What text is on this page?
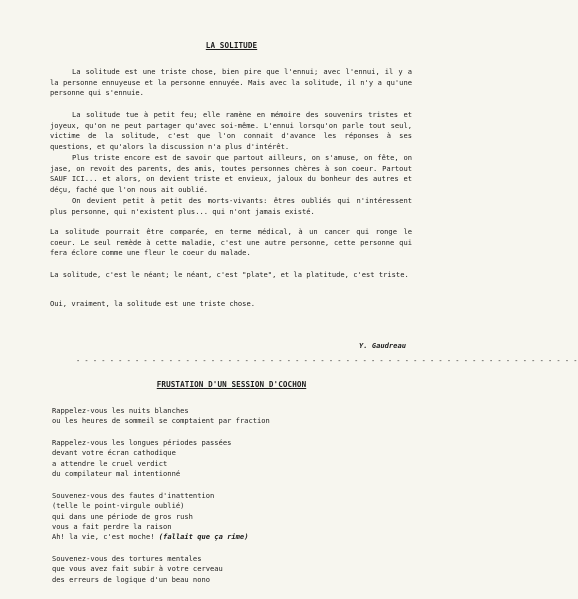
LA SOLITUDE

La solitude est une triste chose, bien pire que l'ennui; avec l'ennui, il y a la personne ennuyeuse et la personne ennuyée. Mais avec la solitude, il n'y a qu'une personne qui s'ennuie.

La solitude tue à petit feu; elle ramène en mémoire des souvenirs tristes et joyeux, qu'on ne peut partager qu'avec soi-même. L'ennui lorsqu'on parle tout seul, victime de la solitude, c'est que l'on connait d'avance les réponses à ses questions, et qu'alors la discussion n'a plus d'intérêt.

Plus triste encore est de savoir que partout ailleurs, on s'amuse, on fête, on jase, on revoit des parents, des amis, toutes personnes chères à son coeur. Partout SAUF ICI... et alors, on devient triste et envieux, jaloux du bonheur des autres et déçu, faché que l'on nous ait oublié.

On devient petit à petit des morts-vivants: êtres oubliés qui n'intéressent plus personne, qui n'existent plus... qui n'ont jamais existé.

La solitude pourrait être comparée, en terme médical, à un cancer qui ronge le coeur. Le seul remède à cette maladie, c'est une autre personne, cette personne qui fera éclore comme une fleur le coeur du malade.

La solitude, c'est le néant; le néant, c'est "plate", et la platitude, c'est triste.

Oui, vraiment, la solitude est une triste chose.

Y. Gaudreau

- - - - - - - - - - - - - - - - - - - - - - - - - - - - - - - - - - - - - - - - - - - - - - - - - - - - - - - - - - - -

FRUSTATION D'UN SESSION D'COCHON
Rappelez-vous les nuits blanches
ou les heures de sommeil se comptaient par fraction
Rappelez-vous les longues périodes passées
devant votre écran cathodique
a attendre le cruel verdict
du compilateur mal intentionné
Souvenez-vous des fautes d'inattention
(telle le point-virgule oublié)
qui dans une période de gros rush
vous a fait perdre la raison
Ah! la vie, c'est moche! (fallait que ça rime)
Souvenez-vous des tortures mentales
que vous avez fait subir à votre cerveau
des erreurs de logique d'un beau nono
